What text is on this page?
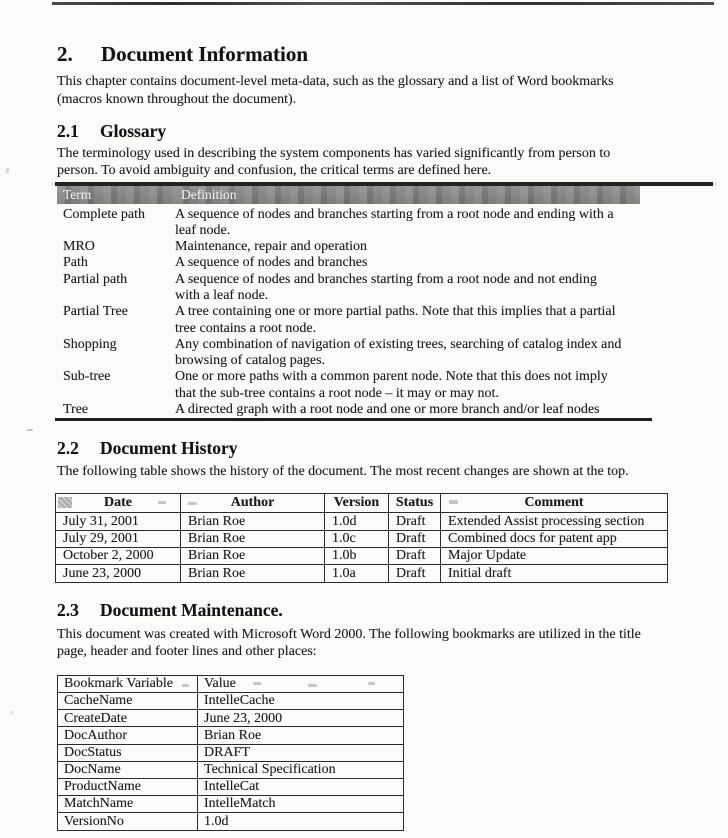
2. Document Information

This chapter contains document-level meta-data, such as the glossary and a list of Word bookmarks
(macros known throughout the document).

2.1 Glossary

The terminology used in describing the system components has varied significantly from person to
person. To avoid ambiguity and confusion, the critical terms are defined here.

Term	Definition
Complete path	A sequence of nodes and branches starting from a root node and ending with a
leaf node.

MRO	Maintenance, repair and operation

Path	A sequence of nodes and branches

Partial path	A sequence of nodes and branches starting from a root node and not ending
with a leaf node.

Partial Tree	A tree containing one or more partial paths. Note that this implies that a partial
tree contains a root node.

Shopping	Any combination of navigation of existing trees, searching of catalog index and
browsing of catalog pages.

Sub-tree	One or more paths with a common parent node. Note that this does not imply
that the sub-tree contains a root node – it may or may not.

Tree	A directed graph with a root node and one or more branch and/or leaf nodes
2.2 Document History

The following table shows the history of the document. The most recent changes are shown at the top.

Date	Author	Version	Status	Comment
July 31, 2001	Brian Roe	1.0d	Draft	Extended Assist processing section
July 29, 2001	Brian Roe	1.0c	Draft	Combined docs for patent app
October 2, 2000	Brian Roe	1.0b	Draft	Major Update
June 23, 2000	Brian Roe	1.0a	Draft	Initial draft
2.3 Document Maintenance.

This document was created with Microsoft Word 2000. The following bookmarks are utilized in the title
page, header and footer lines and other places:

Bookmark Variable	Value

CacheName	IntelleCache
CreateDate	June 23, 2000
DocAuthor	Brian Roe
DocStatus	DRAFT
DocName	Technical Specification
ProductName	IntelleCat
MatchName	IntelleMatch
VersionNo	1.0d
